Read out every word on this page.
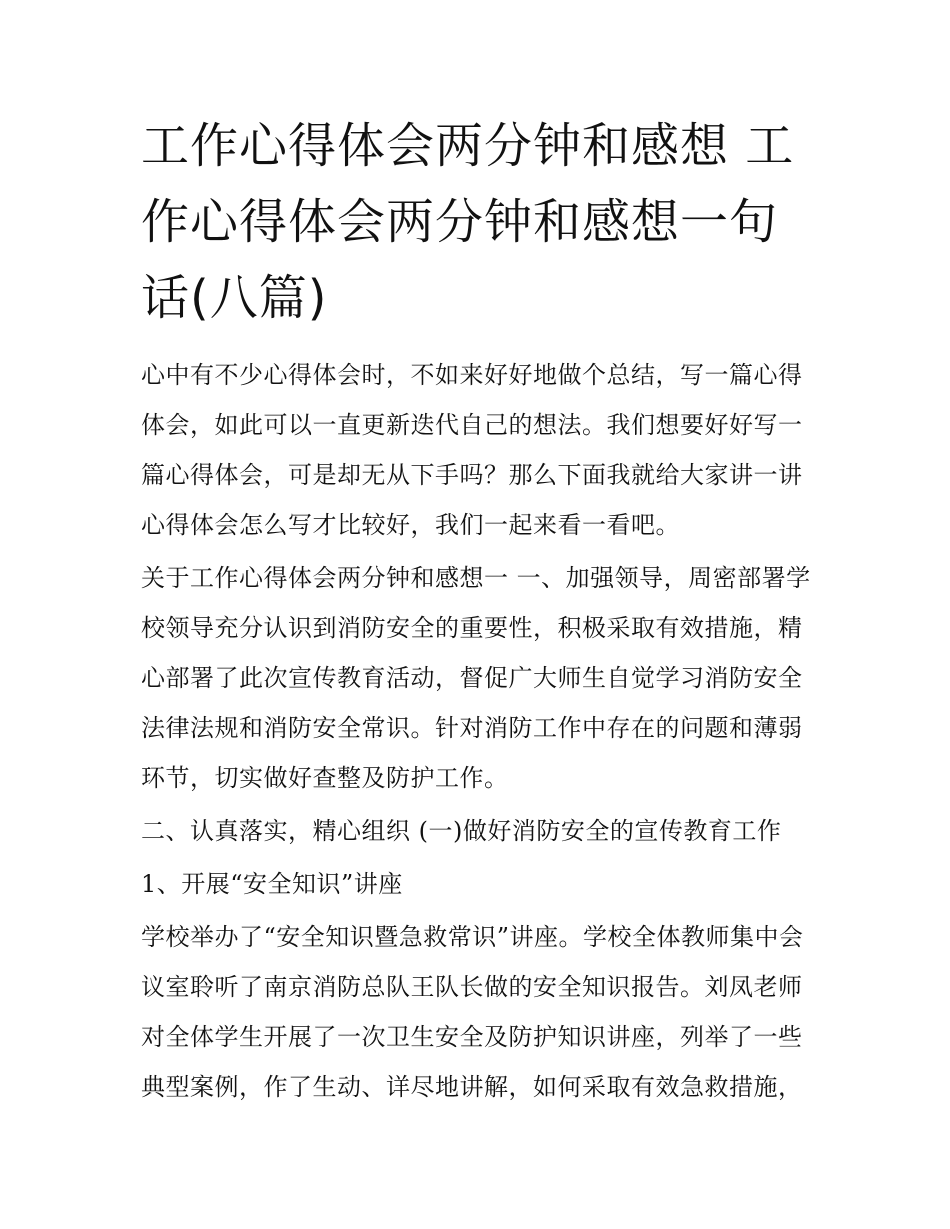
工作心得体会两分钟和感想 工作心得体会两分钟和感想一句话(八篇)

心中有不少心得体会时，不如来好好地做个总结，写一篇心得体会，如此可以一直更新迭代自己的想法。我们想要好好写一篇心得体会，可是却无从下手吗？那么下面我就给大家讲一讲心得体会怎么写才比较好，我们一起来看一看吧。

关于工作心得体会两分钟和感想一 一、加强领导，周密部署学校领导充分认识到消防安全的重要性，积极采取有效措施，精心部署了此次宣传教育活动，督促广大师生自觉学习消防安全法律法规和消防安全常识。针对消防工作中存在的问题和薄弱环节，切实做好查整及防护工作。

二、认真落实，精心组织 (一)做好消防安全的宣传教育工作

1、开展“安全知识”讲座

学校举办了“安全知识暨急救常识”讲座。学校全体教师集中会议室聆听了南京消防总队王队长做的安全知识报告。刘凤老师对全体学生开展了一次卫生安全及防护知识讲座，列举了一些典型案例，作了生动、详尽地讲解，如何采取有效急救措施，
